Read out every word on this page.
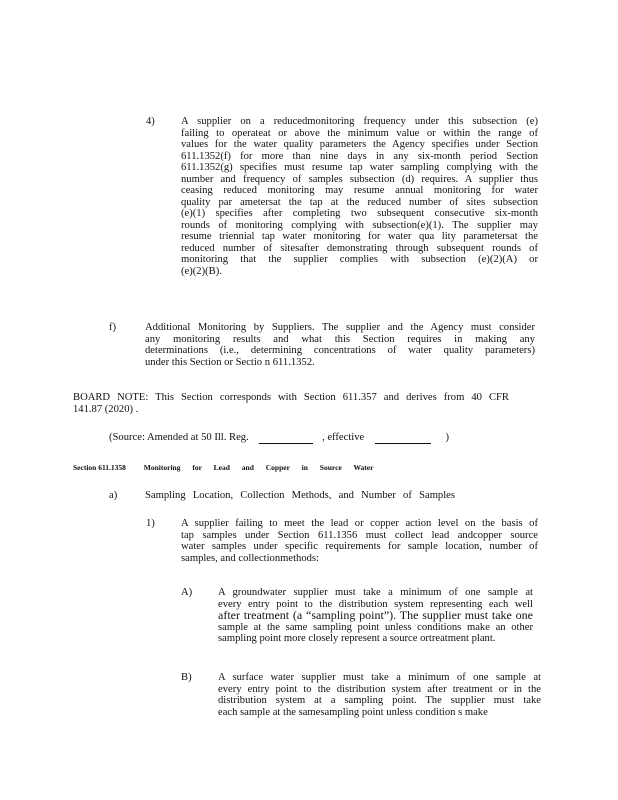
4) A supplier on a reducedmonitoring frequency under this subsection (e)
failing to operateat or above the minimum value or within the range of
values for the water quality parameters the Agency specifies under Section
611.1352(f) for more than nine days in any six-month period Section
611.1352(g) specifies must resume tap water sampling complying with the
number and frequency of samples subsection (d) requires. A supplier thus
ceasing reduced monitoring may resume annual monitoring for water
quality par ametersat the tap at the reduced number of sites subsection
(e)(1) specifies after completing two subsequent consecutive six-month
rounds of monitoring complying with subsection(e)(1). The supplier may
resume triennial tap water monitoring for water qua lity parametersat the
reduced number of sitesafter demonstrating through subsequent rounds of
monitoring that the supplier complies with subsection (e)(2)(A) or
(e)(2)(B).
f)	Additional Monitoring by Suppliers. The supplier and the Agency must consider
any monitoring results and what this Section requires in making any
determinations (i.e., determining concentrations of water quality parameters)
under this Section or Sectio n 611.1352.
BOARD NOTE: This Section corresponds with Section 611.357 and derives from 40 CFR
141.87 (2020) .
(Source: Amended at 50 Ill. Reg.	, effective	)
Section 611.1358 Monitoring for Lead and Copper in Source Water
a)	Sampling Location, Collection Methods, and Number of Samples
1) A supplier failing to meet the lead or copper action level on the basis of
tap samples under Section 611.1356 must collect lead andcopper source
water samples under specific requirements for sample location, number of
samples, and collectionmethods:
A) A groundwater supplier must take a minimum of one sample at
every entry point to the distribution system representing each well
after treatment (a “sampling point”). The supplier must take one
sample at the same sampling point unless conditions make an other
sampling point more closely represent a source ortreatment plant.
B) A surface water supplier must take a minimum of one sample at
every entry point to the distribution system after treatment or in the
distribution system at a sampling point. The supplier must take
each sample at the samesampling point unless condition s make
